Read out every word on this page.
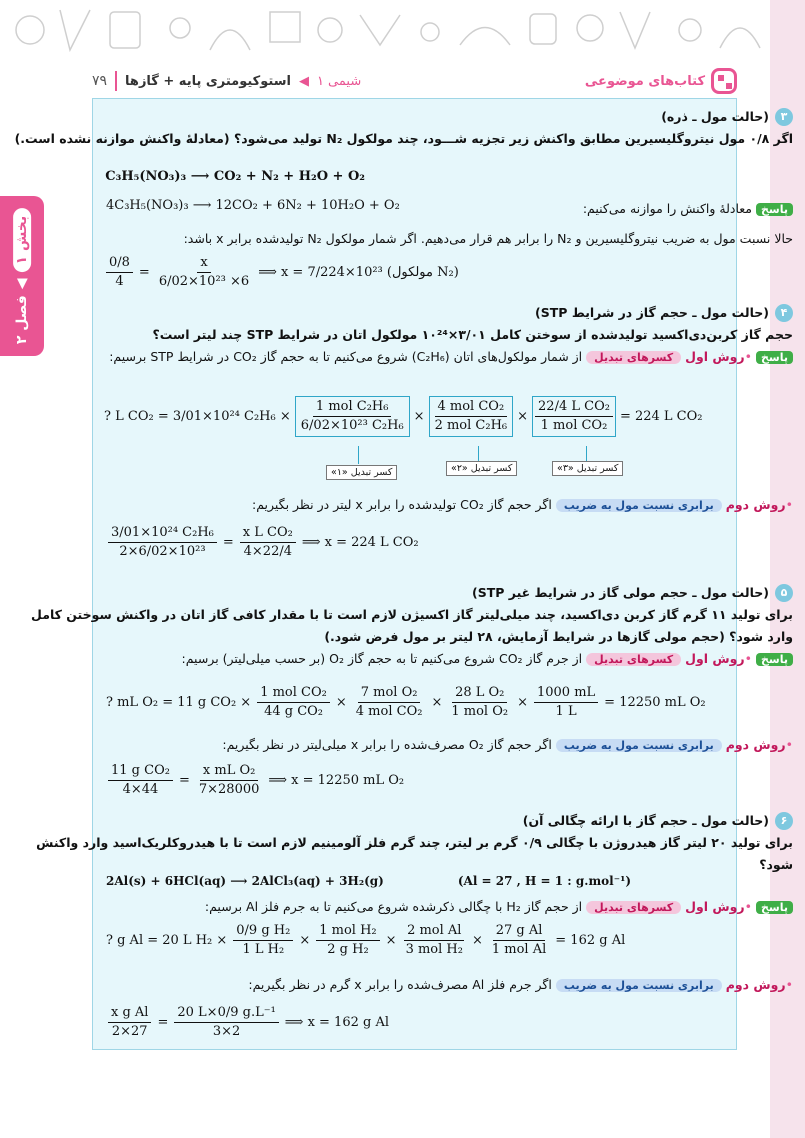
بخش ۱
◀
فصل ۲
کتاب‌های موضوعی
شیمی ۱
◀
استوکیومتری پایه + گازها
۷۹
۳
(حالت مول ـ ذره)
اگر ۰/۸ مول نیتروگلیسیرین مطابق واکنش زیر تجزیه شـــود، چند مولکول N₂ تولید می‌شود؟ (معادلهٔ واکنش موازنه نشده است.)
C₃H₅(NO₃)₃ ⟶ CO₂ + N₂ + H₂O + O₂
پاسخ معادلهٔ واکنش را موازنه می‌کنیم:
4C₃H₅(NO₃)₃ ⟶ 12CO₂ + 6N₂ + 10H₂O + O₂
حالا نسبت مول به ضریب نیتروگلیسیرین و N₂ را برابر هم قرار می‌دهیم. اگر شمار مولکول N₂ تولیدشده برابر x باشد:
$\frac{0/8}{4} = \frac{x}{\text{6/02×10²³ ×6}}$ ⟹ x = 7/224×10²³ (مولکول N₂)
۴
(حالت مول ـ حجم گاز در شرایط STP)
حجم گاز کربن‌دی‌اکسید تولیدشده از سوختن کامل ۳/۰۱×۱۰²⁴ مولکول اتان در شرایط STP چند لیتر است؟
پاسخ •روش اول کسرهای تبدیل از شمار مولکول‌های اتان (C₂H₆) شروع می‌کنیم تا به حجم گاز CO₂ در شرایط STP برسیم:
? L CO₂ = 3/01×10²⁴ $C_2H_6 \times \frac{\text{1 mol C₂H₆}}{\text{6/02×10²³ C₂H₆}} \times \frac{\text{4 mol CO₂}}{\text{2 mol C₂H₆}} \times \frac{\text{22/4 L CO₂}}{\text{1 mol CO₂}} = 224$ L CO₂
کسر تبدیل «۱»	کسر تبدیل «۲»	کسر تبدیل «۳»
•روش دوم برابری نسبت مول به ضریب اگر حجم گاز CO₂ تولیدشده را برابر x لیتر در نظر بگیریم:
$\frac{\text{3/01×10²⁴ C₂H₆}}{\text{2×6/02×10²³}} = \frac{\text{x L CO₂}}{4\times 22/4}$ ⟹ x = 224 L CO₂
۵
(حالت مول ـ حجم مولی گاز در شرایط غیر STP)
برای تولید ۱۱ گرم گاز کربن دی‌اکسید، چند میلی‌لیتر گاز اکسیژن لازم است تا با مقدار کافی گاز اتان در واکنش سوختن کامل وارد شود؟ (حجم مولی گازها در شرایط آزمایش، ۲۸ لیتر بر مول فرض شود.)
پاسخ •روش اول کسرهای تبدیل از جرم گاز CO₂ شروع می‌کنیم تا به حجم گاز O₂ (بر حسب میلی‌لیتر) برسیم:
? mL O₂ = 11 g $CO_2 \times \frac{\text{1 mol CO₂}}{\text{44 g CO₂}} \times \frac{\text{7 mol O₂}}{\text{4 mol CO₂}} \times \frac{\text{28 L O₂}}{\text{1 mol O₂}} \times \frac{1000 mL}{1 L} = 12250$ mL O₂
•روش دوم برابری نسبت مول به ضریب اگر حجم گاز O₂ مصرف‌شده را برابر x میلی‌لیتر در نظر بگیریم:
$\frac{\text{11 g CO₂}}{4\times 44} = \frac{\text{x mL O₂}}{7\times 28000}$ ⟹ x = 12250 mL O₂
۶
(حالت مول ـ حجم گاز با ارائه چگالی آن)
برای تولید ۲۰ لیتر گاز هیدروژن با چگالی ۰/۹ گرم بر لیتر، چند گرم فلز آلومینیم لازم است تا با هیدروکلریک‌اسید وارد واکنش شود؟
2Al(s) + 6HCl(aq) ⟶ 2AlCl₃(aq) + 3H₂(g)	(Al = 27 , H = 1 : g.mol⁻¹)
پاسخ •روش اول کسرهای تبدیل از حجم گاز H₂ با چگالی ذکرشده شروع می‌کنیم تا به جرم فلز Al برسیم:
? g Al = 20 L $H_2 \times \frac{\text{0/9 g H₂}}{\text{1 L H₂}} \times \frac{\text{1 mol H₂}}{\text{2 g H₂}} \times \frac{\text{2 mol Al}}{\text{3 mol H₂}} \times \frac{\text{27 g Al}}{\text{1 mol Al}} = 162$ g Al
•روش دوم برابری نسبت مول به ضریب اگر جرم فلز Al مصرف‌شده را برابر x گرم در نظر بگیریم:
$\frac{\text{x g Al}}{2\times 27} = \frac{\text{20 L×0/9 g.L⁻¹}}{3\times 2}$ ⟹ x = 162 g Al
